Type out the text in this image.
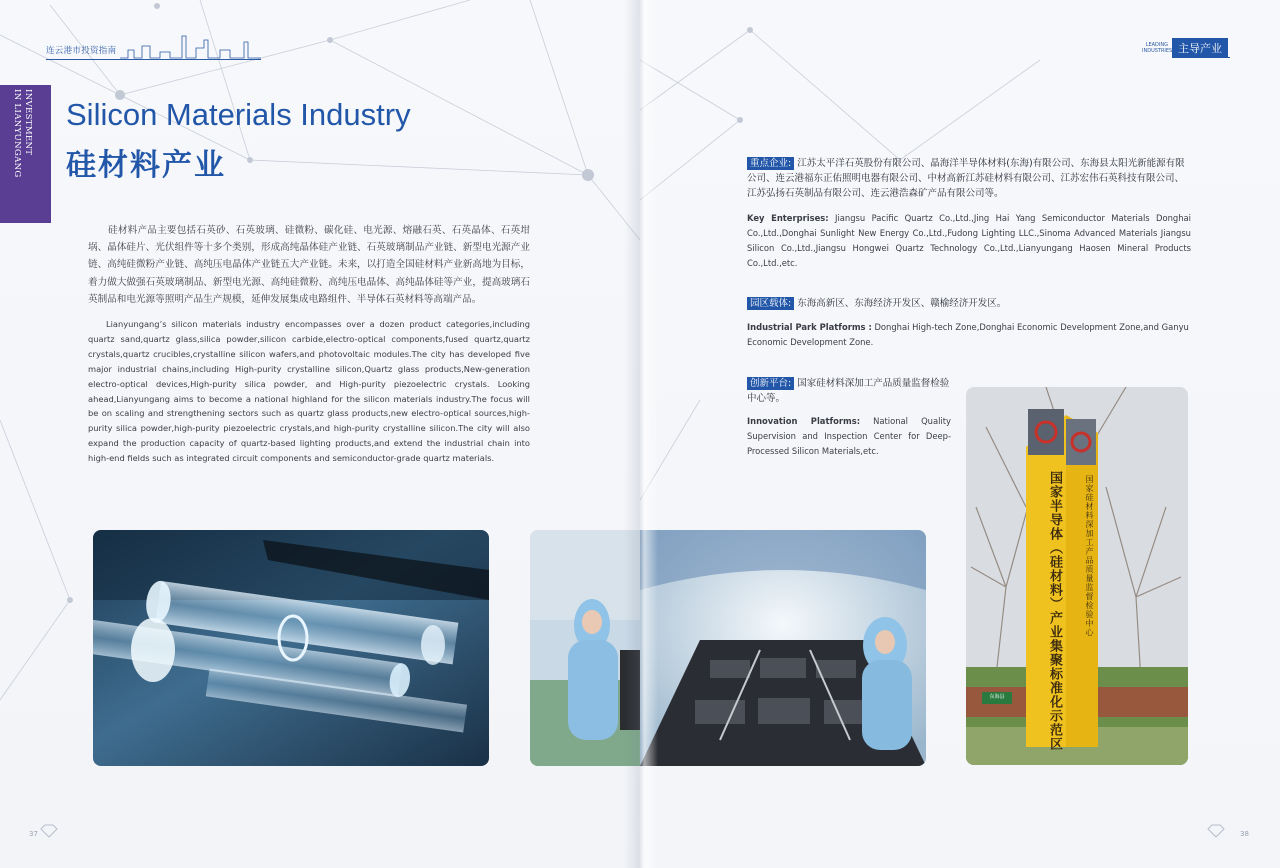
连云港市投资指南
INVESTMENT
IN LIANYUNGANG Silicon Materials Industry
硅材料产业
硅材料产品主要包括石英砂、石英玻璃、硅微粉、碳化硅、电光源、熔融石英、石英晶体、石英坩埚、晶体硅片、光伏组件等十多个类别，形成高纯晶体硅产业链、石英玻璃制品产业链、新型电光源产业链、高纯硅微粉产业链、高纯压电晶体产业链五大产业链。未来，以打造全国硅材料产业新高地为目标，着力做大做强石英玻璃制品、新型电光源、高纯硅微粉、高纯压电晶体、高纯晶体硅等产业，提高玻璃石英制品和电光源等照明产品生产规模，延伸发展集成电路组件、半导体石英材料等高端产品。
Lianyungang’s silicon materials industry encompasses over a dozen product categories,including quartz sand,quartz glass,silica powder,silicon carbide,electro-optical components,fused quartz,quartz crystals,quartz crucibles,crystalline silicon wafers,and photovoltaic modules.The city has developed five major industrial chains,including High-purity crystalline silicon,Quartz glass products,New-generation electro-optical devices,High-purity silica powder, and High-purity piezoelectric crystals. Looking ahead,Lianyungang aims to become a national highland for the silicon materials industry.The focus will be on scaling and strengthening sectors such as quartz glass products,new electro-optical sources,high-purity silica powder,high-purity piezoelectric crystals,and high-purity crystalline silicon.The city will also expand the production capacity of quartz-based lighting products,and extend the industrial chain into high-end fields such as integrated circuit components and semiconductor-grade quartz materials.
LEADING INDUSTRIES 主导产业
重点企业: 江苏太平洋石英股份有限公司、晶海洋半导体材料(东海)有限公司、东海县太阳光新能源有限公司、连云港福东正佑照明电器有限公司、中材高新江苏硅材料有限公司、江苏宏伟石英科技有限公司、江苏弘扬石英制品有限公司、连云港浩森矿产品有限公司等。
Key Enterprises: Jiangsu Pacific Quartz Co.,Ltd.,Jing Hai Yang Semiconductor Materials Donghai Co.,Ltd.,Donghai Sunlight New Energy Co.,Ltd.,Fudong Lighting LLC.,Sinoma Advanced Materials Jiangsu Silicon Co.,Ltd.,Jiangsu Hongwei Quartz Technology Co.,Ltd.,Lianyungang Haosen Mineral Products Co.,Ltd.,etc.
园区载体: 东海高新区、东海经济开发区、赣榆经济开发区。
Industrial Park Platforms : Donghai High-tech Zone,Donghai Economic Development Zone,and Ganyu Economic Development Zone.
创新平台: 国家硅材料深加工产品质量监督检验中心等。
Innovation Platforms: National Quality Supervision and Inspection Center for Deep-Processed Silicon Materials,etc.
国家半导体（硅材料）产业集聚标准化示范区	国家硅材料深加工产品质量监督检验中心
东海县
37	38
